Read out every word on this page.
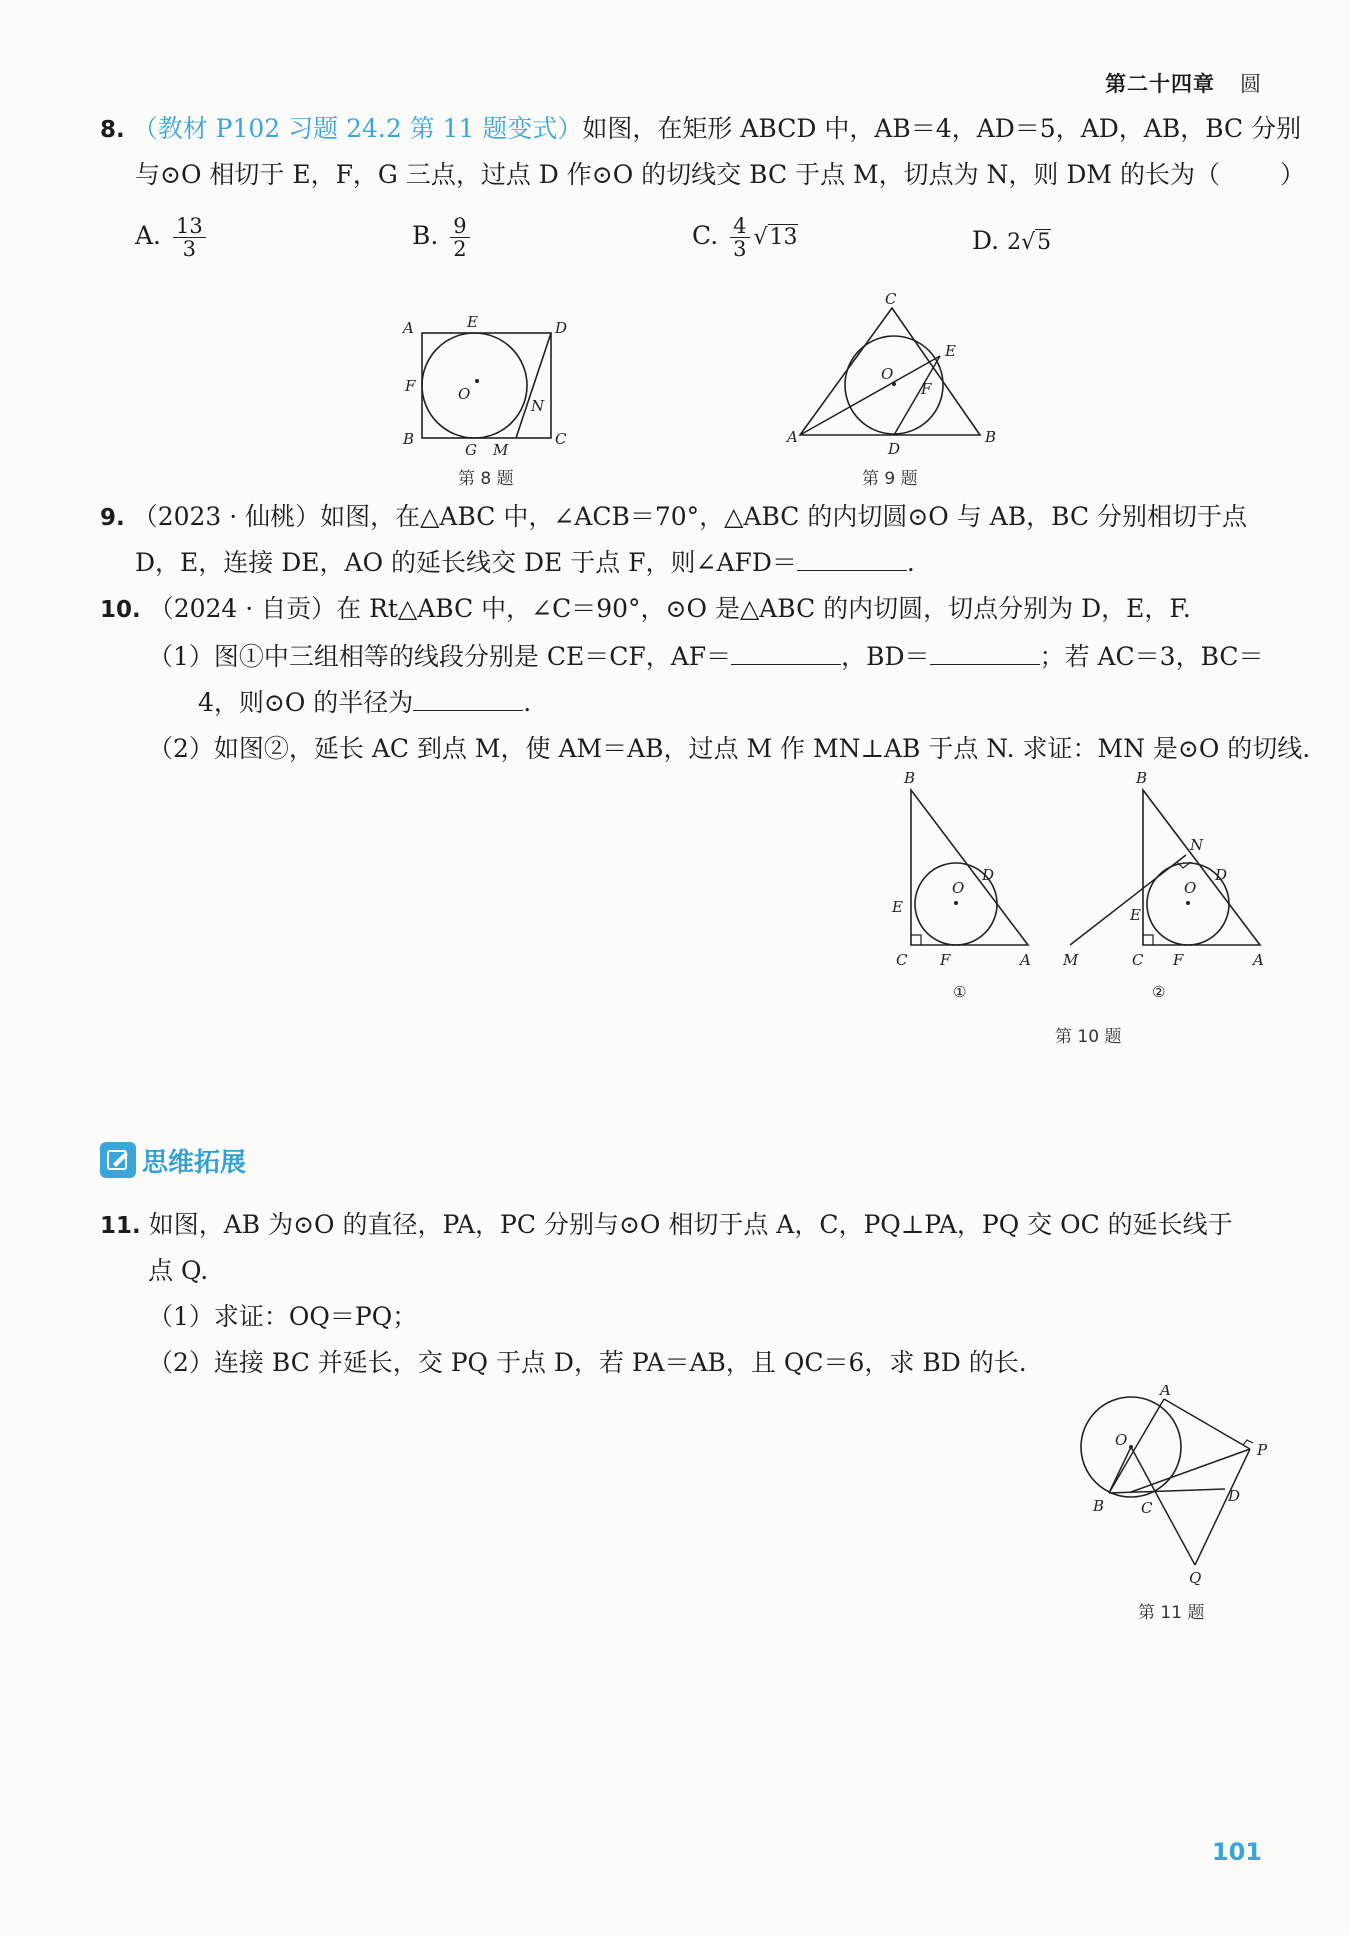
第二十四章 圆
8. （教材 P102 习题 24.2 第 11 题变式）如图，在矩形 ABCD 中，AB＝4，AD＝5，AD，AB，BC 分别
与⊙O 相切于 E，F，G 三点，过点 D 作⊙O 的切线交 BC 于点 M，切点为 N，则 DM 的长为（ ）
A. $\frac{13}{3}$	B. $\frac{9}{2}$	C. $\frac{4}{3} √13$	D. 2√5
A	D
B	C
E
F
G M
N
O
第 8 题
C
A	B
D
E
F
O
第 9 题
9. （2023 · 仙桃）如图，在△ABC 中，∠ACB＝70°，△ABC 的内切圆⊙O 与 AB，BC 分别相切于点
D，E，连接 DE，AO 的延长线交 DE 于点 F，则∠AFD＝	.
10. （2024 · 自贡）在 Rt△ABC 中，∠C＝90°，⊙O 是△ABC 的内切圆，切点分别为 D，E，F.
（1）图①中三组相等的线段分别是 CE＝CF，AF＝	，BD＝	；若 AC＝3，BC＝
4，则⊙O 的半径为	.
（2）如图②，延长 AC 到点 M，使 AM＝AB，过点 M 作 MN⊥AB 于点 N. 求证：MN 是⊙O 的切线.
B
E
C F	A
D
O
①
B
N
D
E
O
M	C F	A
②
第 10 题
思维拓展
11. 如图，AB 为⊙O 的直径，PA，PC 分别与⊙O 相切于点 A，C，PQ⊥PA，PQ 交 OC 的延长线于
点 Q.
（1）求证：OQ＝PQ；
（2）连接 BC 并延长，交 PQ 于点 D，若 PA＝AB，且 QC＝6，求 BD 的长.
A
O
P
D
B C
Q
第 11 题
101
